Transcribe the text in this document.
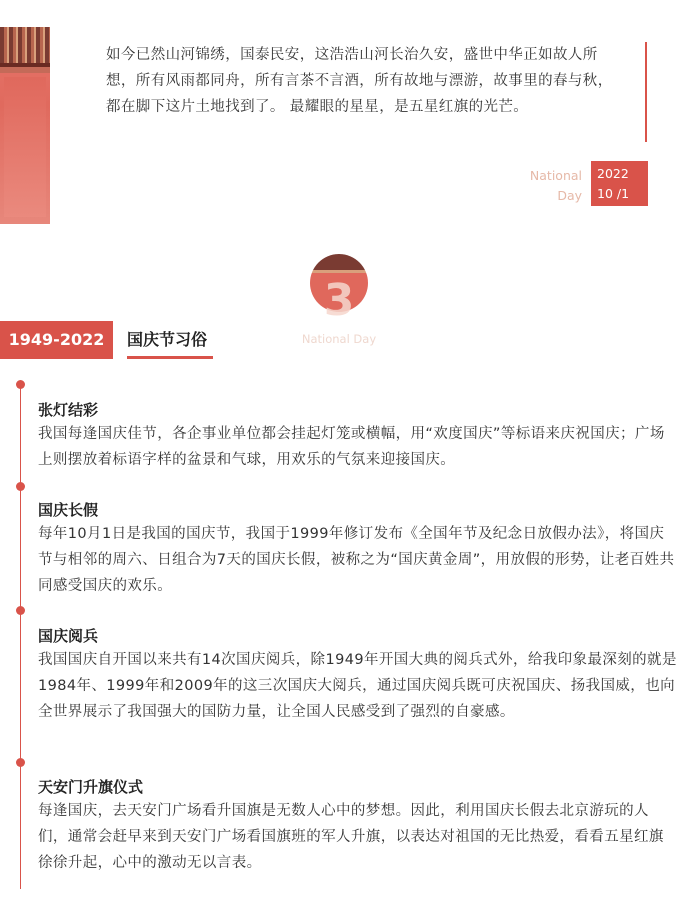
如今已然山河锦绣，国泰民安，这浩浩山河长治久安，盛世中华正如故人所想，所有风雨都同舟，所有言茶不言酒，所有故地与漂游，故事里的春与秋，都在脚下这片土地找到了。 最耀眼的星星，是五星红旗的光芒。
National
Day
2022
10 /1
3
National Day
1949-2022	国庆节习俗
张灯结彩
我国每逢国庆佳节，各企事业单位都会挂起灯笼或横幅，用“欢度国庆”等标语来庆祝国庆；广场上则摆放着标语字样的盆景和气球，用欢乐的气氛来迎接国庆。
国庆长假
每年10月1日是我国的国庆节，我国于1999年修订发布《全国年节及纪念日放假办法》，将国庆节与相邻的周六、日组合为7天的国庆长假，被称之为“国庆黄金周”，用放假的形势，让老百姓共同感受国庆的欢乐。
国庆阅兵
我国国庆自开国以来共有14次国庆阅兵，除1949年开国大典的阅兵式外，给我印象最深刻的就是1984年、1999年和2009年的这三次国庆大阅兵，通过国庆阅兵既可庆祝国庆、扬我国威，也向全世界展示了我国强大的国防力量，让全国人民感受到了强烈的自豪感。
天安门升旗仪式
每逢国庆，去天安门广场看升国旗是无数人心中的梦想。因此，利用国庆长假去北京游玩的人们，通常会赶早来到天安门广场看国旗班的军人升旗，以表达对祖国的无比热爱，看看五星红旗徐徐升起，心中的激动无以言表。
